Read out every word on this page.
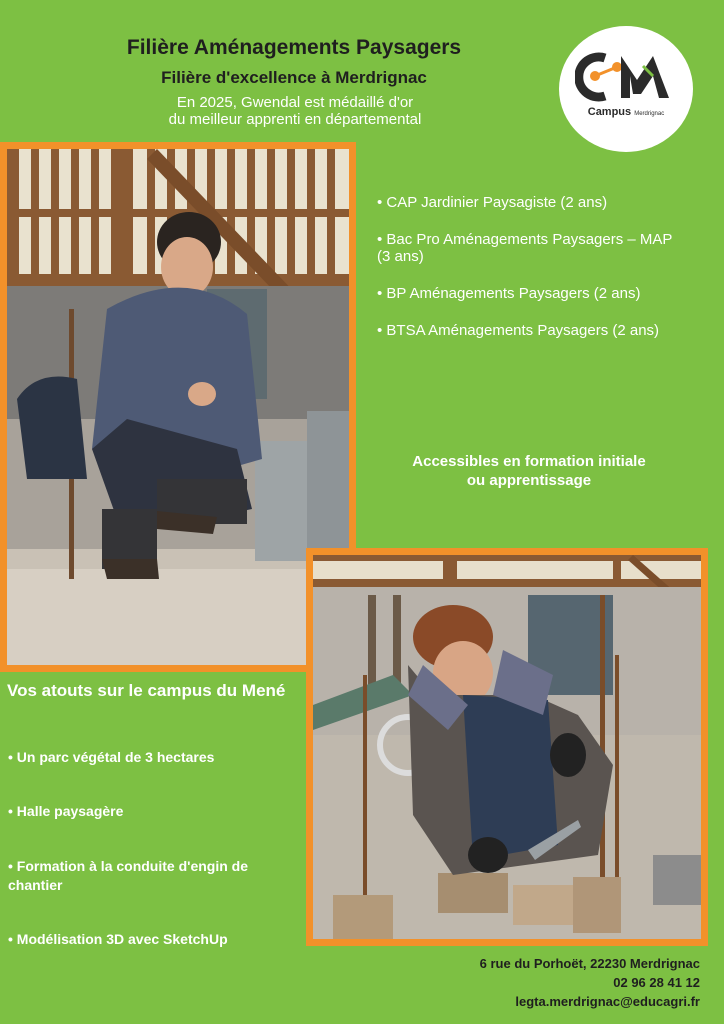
Filière Aménagements Paysagers
Filière d'excellence à Merdrignac
En 2025, Gwendal est médaillé d'or
du meilleur apprenti en départemental	Campus Merdrignac
• CAP Jardinier Paysagiste (2 ans)
• Bac Pro Aménagements Paysagers – MAP (3 ans)
• BP Aménagements Paysagers (2 ans)
• BTSA Aménagements Paysagers (2 ans)
Accessibles en formation initiale
ou apprentissage
Vos atouts sur le campus du Mené
• Un parc végétal de 3 hectares
• Halle paysagère
• Formation à la conduite d'engin de chantier
• Modélisation 3D avec SketchUp
6 rue du Porhoët, 22230 Merdrignac
02 96 28 41 12
legta.merdrignac@educagri.fr
